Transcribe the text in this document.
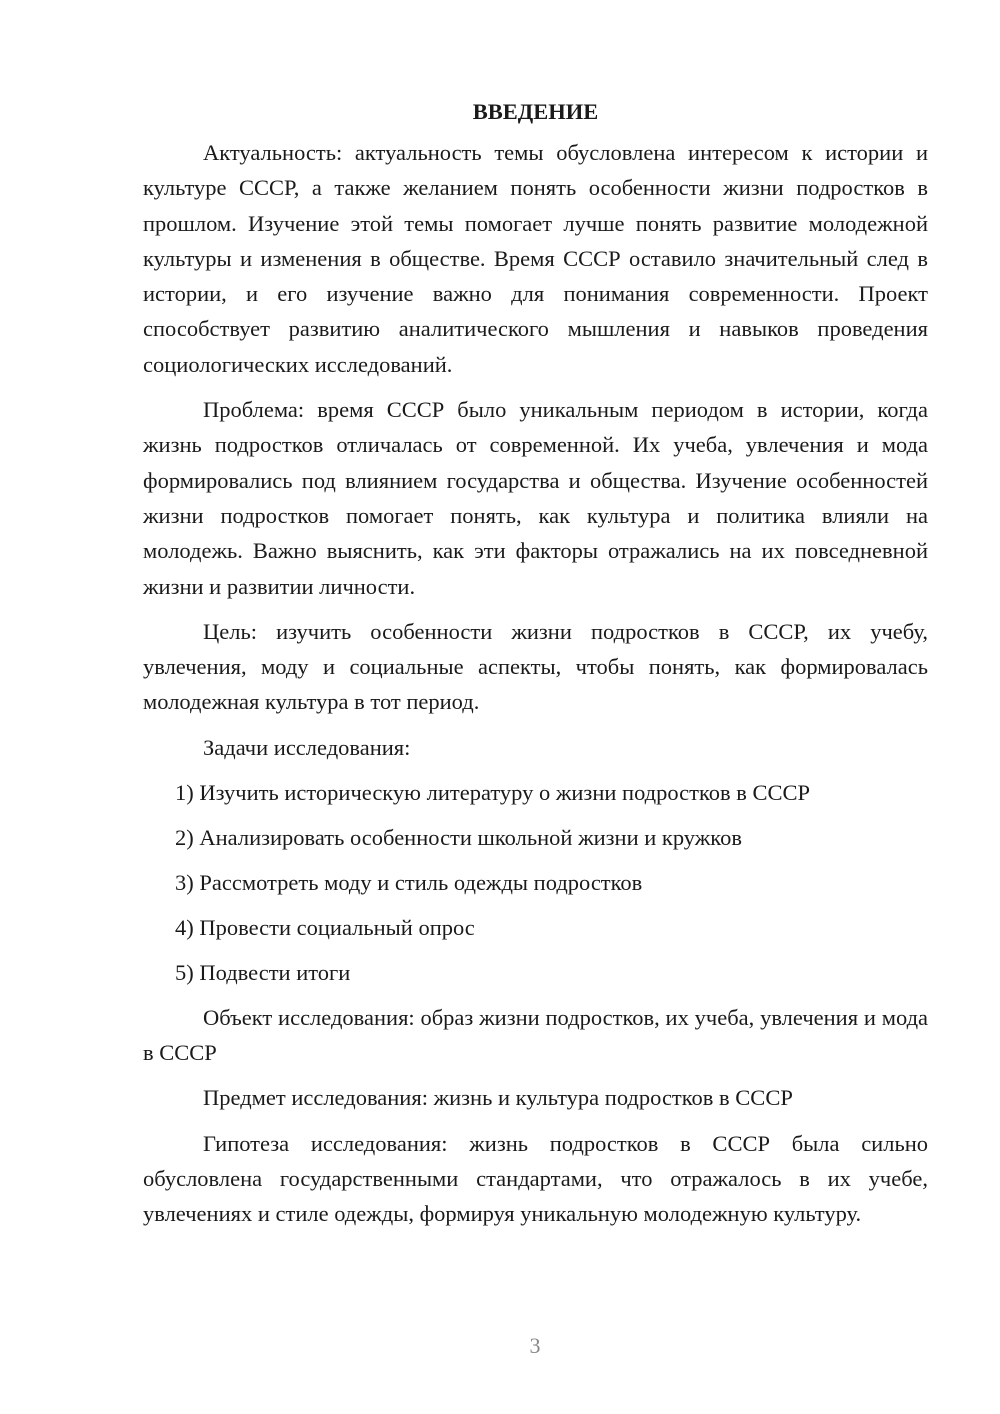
ВВЕДЕНИЕ

Актуальность: актуальность темы обусловлена интересом к истории и культуре СССР, а также желанием понять особенности жизни подростков в прошлом. Изучение этой темы помогает лучше понять развитие молодежной культуры и изменения в обществе. Время СССР оставило значительный след в истории, и его изучение важно для понимания современности. Проект способствует развитию аналитического мышления и навыков проведения социологических исследований.

Проблема: время СССР было уникальным периодом в истории, когда жизнь подростков отличалась от современной. Их учеба, увлечения и мода формировались под влиянием государства и общества. Изучение особенностей жизни подростков помогает понять, как культура и политика влияли на молодежь. Важно выяснить, как эти факторы отражались на их повседневной жизни и развитии личности.

Цель: изучить особенности жизни подростков в СССР, их учебу, увлечения, моду и социальные аспекты, чтобы понять, как формировалась молодежная культура в тот период.

Задачи исследования:
1) Изучить историческую литературу о жизни подростков в СССР
2) Анализировать особенности школьной жизни и кружков
3) Рассмотреть моду и стиль одежды подростков
4) Провести социальный опрос
5) Подвести итоги

Объект исследования: образ жизни подростков, их учеба, увлечения и мода в СССР

Предмет исследования: жизнь и культура подростков в СССР

Гипотеза исследования: жизнь подростков в СССР была сильно обусловлена государственными стандартами, что отражалось в их учебе, увлечениях и стиле одежды, формируя уникальную молодежную культуру.

3
